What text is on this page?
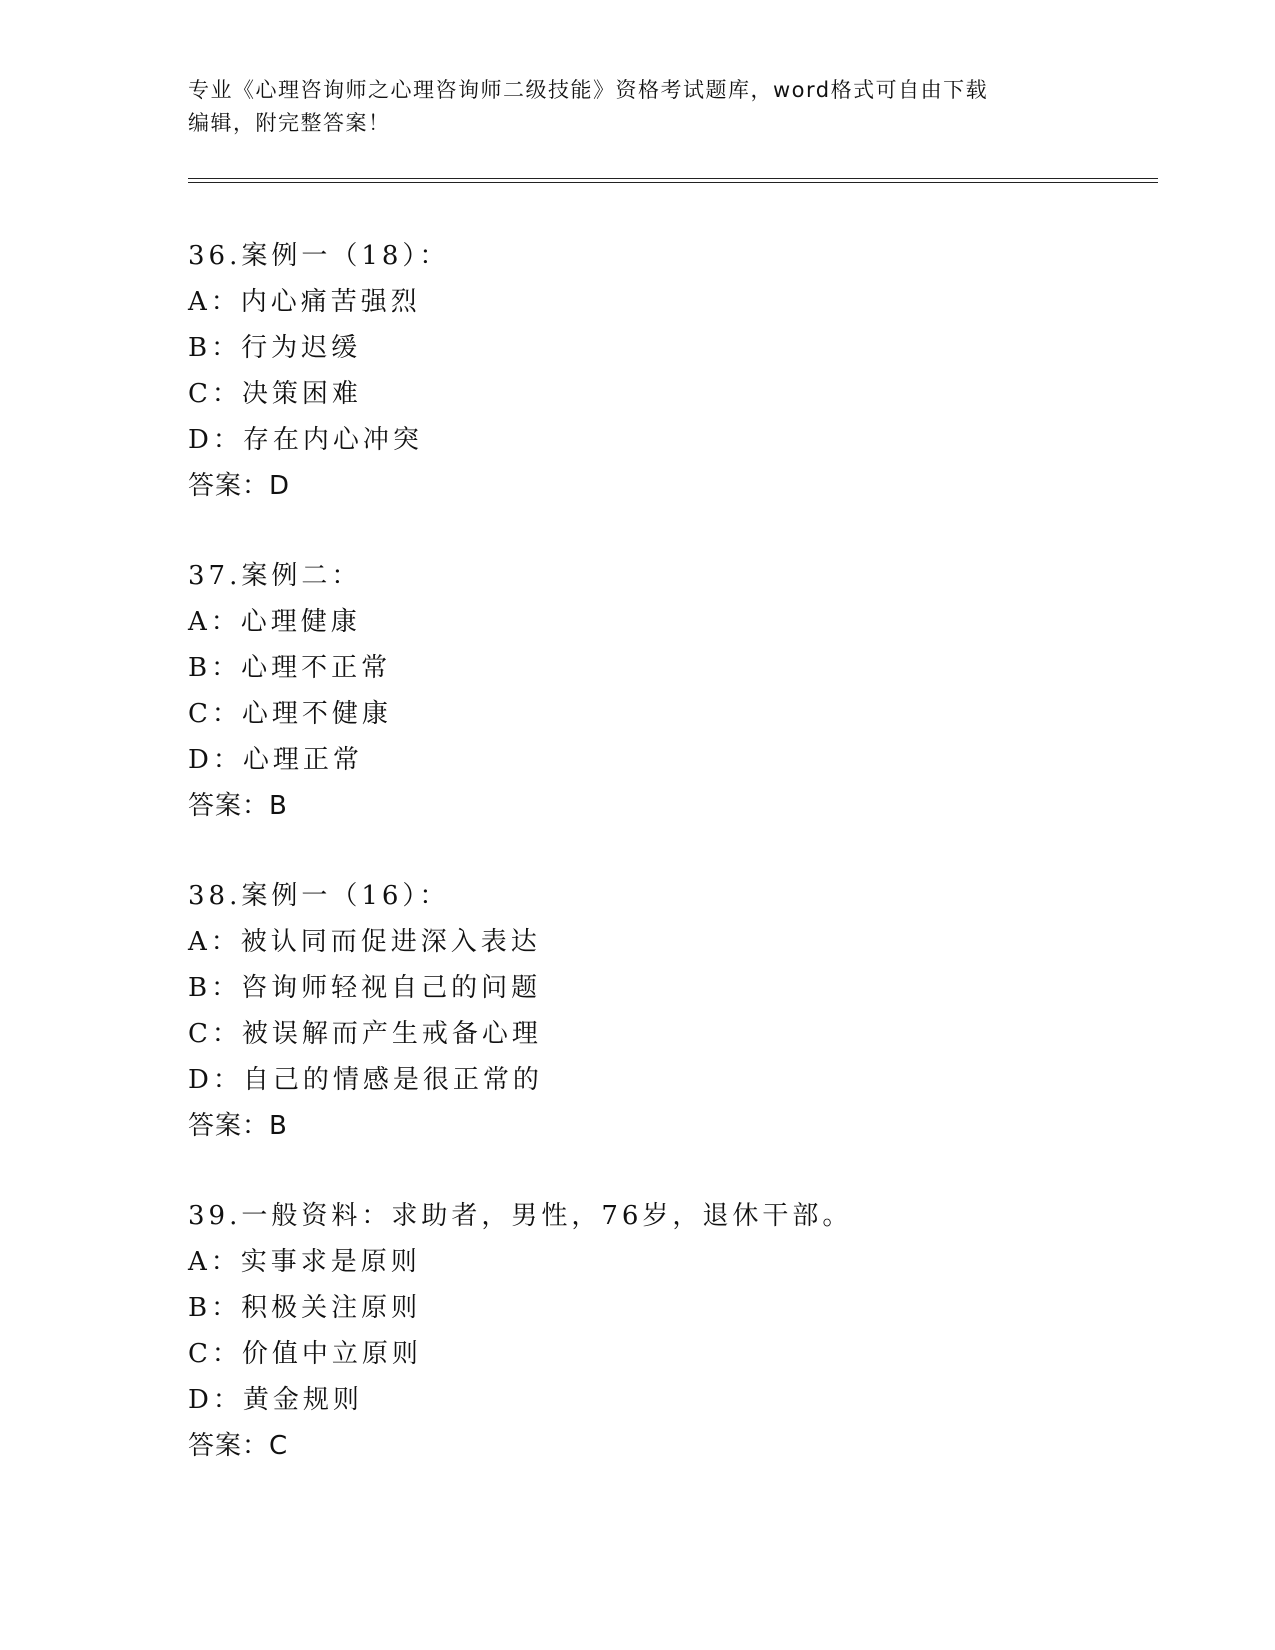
专业《心理咨询师之心理咨询师二级技能》资格考试题库，word格式可自由下载
编辑，附完整答案！
36.案例一（18）：
A：内心痛苦强烈
B：行为迟缓
C：决策困难
D：存在内心冲突
答案：D
37.案例二：
A：心理健康
B：心理不正常
C：心理不健康
D：心理正常
答案：B
38.案例一（16）：
A：被认同而促进深入表达
B：咨询师轻视自己的问题
C：被误解而产生戒备心理
D：自己的情感是很正常的
答案：B
39.一般资料：求助者，男性，76岁，退休干部。
A：实事求是原则
B：积极关注原则
C：价值中立原则
D：黄金规则
答案：C
